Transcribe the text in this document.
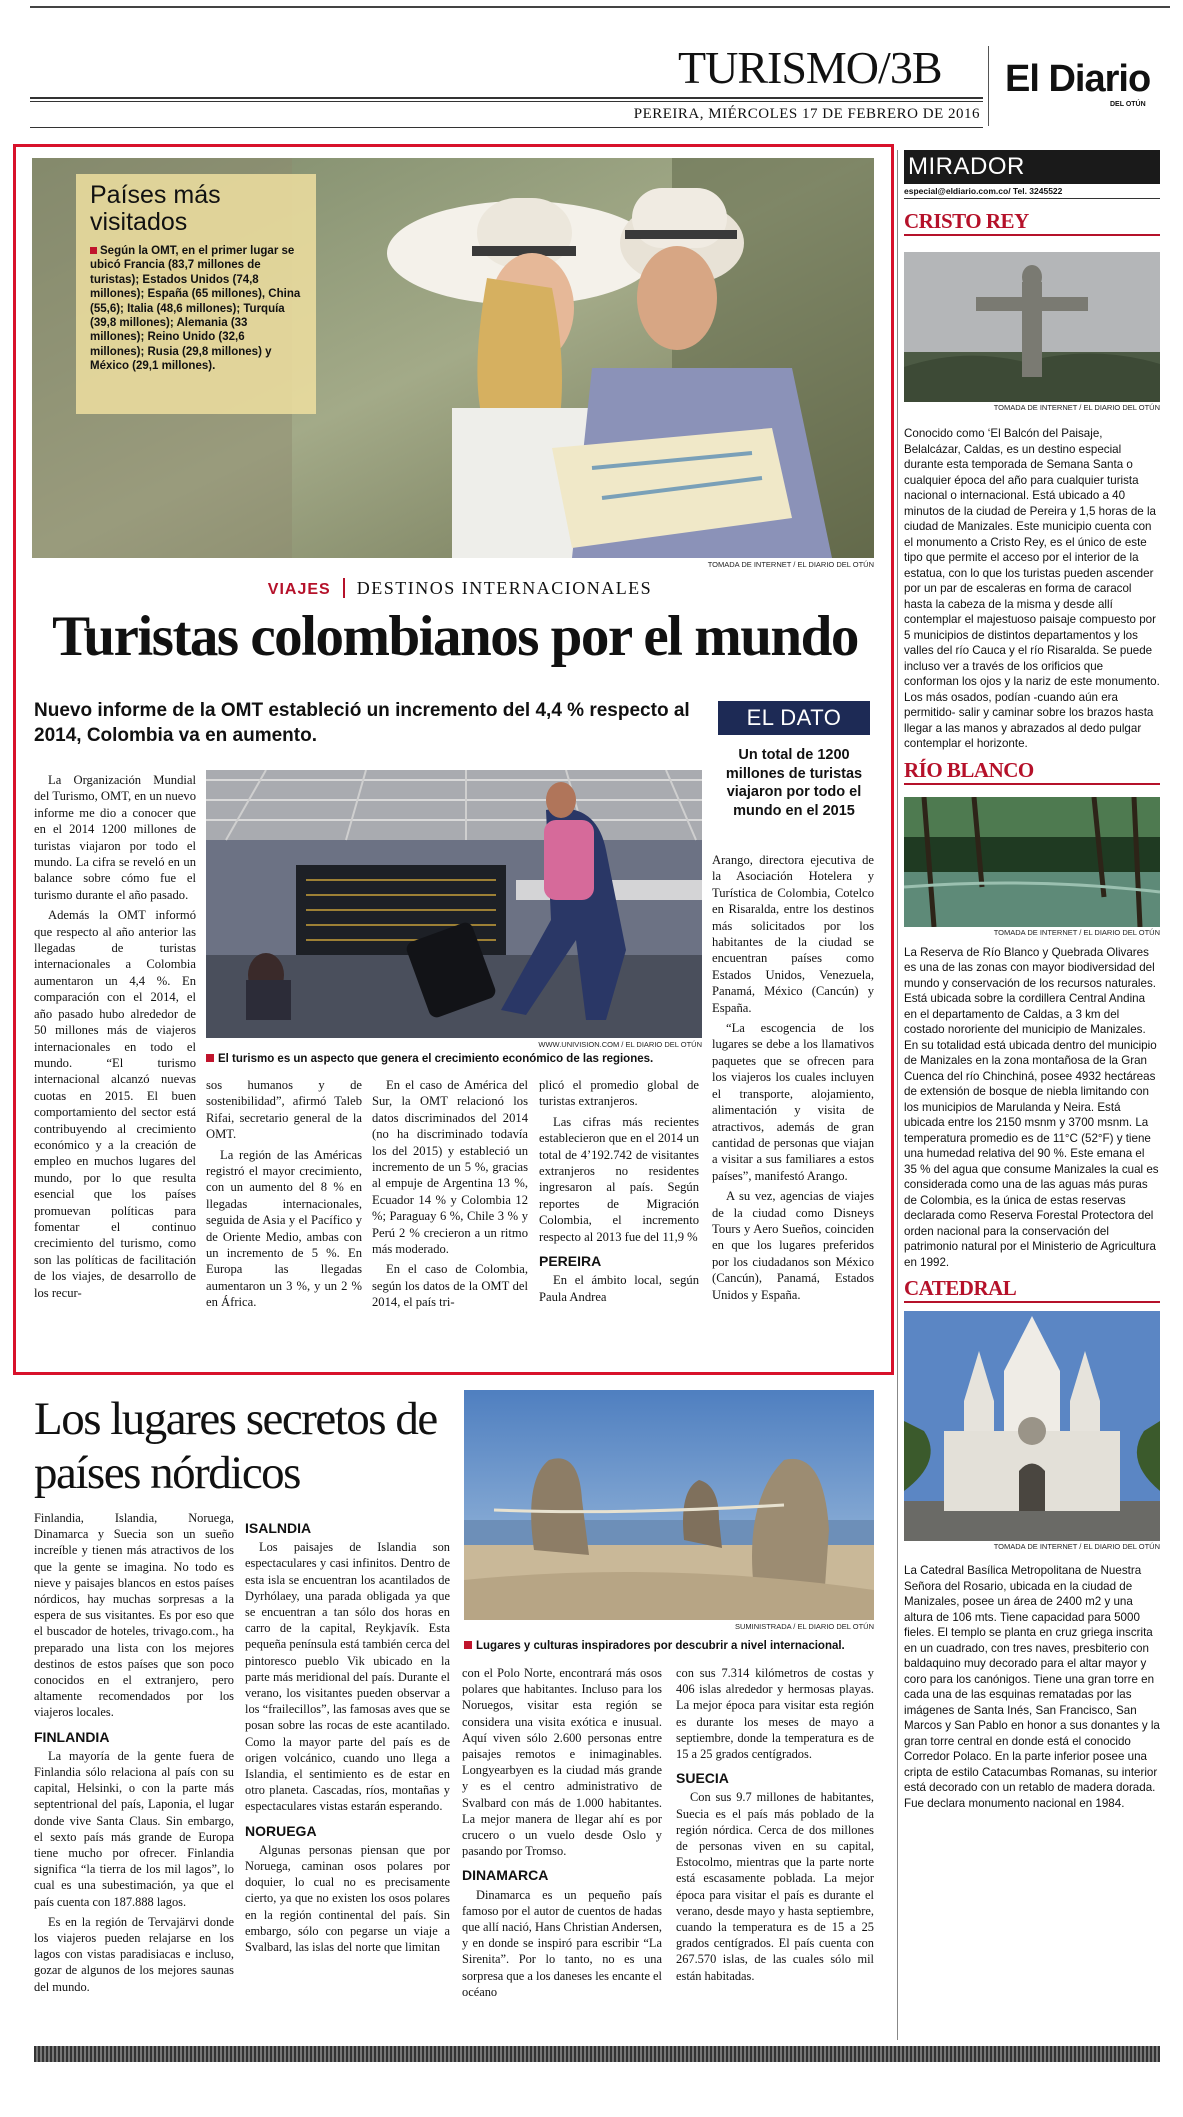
TURISMO/3B	El Diario
DEL OTÚN
PEREIRA, MIÉRCOLES 17 DE FEBRERO DE 2016
TOMADA DE INTERNET / EL DIARIO DEL OTÚN
Países más visitados
Según la OMT, en el primer lugar se ubicó Francia (83,7 millones de turistas); Estados Unidos (74,8 millones); España (65 millones), China (55,6); Italia (48,6 millones); Turquía (39,8 millones); Alemania (33 millones); Reino Unido (32,6 millones); Rusia (29,8 millones) y México (29,1 millones).
VIAJES DESTINOS INTERNACIONALES
Turistas colombianos por el mundo
Nuevo informe de la OMT estableció un incremento del 4,4 % respecto al 2014, Colombia va en aumento.
EL DATO
Un total de 1200 millones de turistas viajaron por todo el mundo en el 2015

La Organización Mundial del Turismo, OMT, en un nuevo informe me dio a conocer que en el 2014 1200 millones de turistas viajaron por todo el mundo. La cifra se reveló en un balance sobre cómo fue el turismo durante el año pasado.

Además la OMT informó que respecto al año anterior las llegadas de turistas internacionales a Colombia aumentaron un 4,4 %. En comparación con el 2014, el año pasado hubo alrededor de 50 millones más de viajeros internacionales en todo el mundo. “El turismo internacional alcanzó nuevas cuotas en 2015. El buen comportamiento del sector está contribuyendo al crecimiento económico y a la creación de empleo en muchos lugares del mundo, por lo que resulta esencial que los países promuevan políticas para fomentar el continuo crecimiento del turismo, como son las políticas de facilitación de los viajes, de desarrollo de los recur-

WWW.UNIVISION.COM / EL DIARIO DEL OTÚN
El turismo es un aspecto que genera el crecimiento económico de las regiones.

sos humanos y de sostenibilidad”, afirmó Taleb Rifai, secretario general de la OMT.

La región de las Américas registró el mayor crecimiento, con un aumento del 8 % en llegadas internacionales, seguida de Asia y el Pacífico y de Oriente Medio, ambas con un incremento de 5 %. En Europa las llegadas aumentaron un 3 %, y un 2 % en África.

En el caso de América del Sur, la OMT relacionó los datos discriminados del 2014 (no ha discriminado todavía los del 2015) y estableció un incremento de un 5 %, gracias al empuje de Argentina 13 %, Ecuador 14 % y Colombia 12 %; Paraguay 6 %, Chile 3 % y Perú 2 % crecieron a un ritmo más moderado.

En el caso de Colombia, según los datos de la OMT del 2014, el país tri-

plicó el promedio global de turistas extranjeros.

Las cifras más recientes establecieron que en el 2014 un total de 4’192.742 de visitantes extranjeros no residentes ingresaron al país. Según reportes de Migración Colombia, el incremento respecto al 2013 fue del 11,9 %

PEREIRA

En el ámbito local, según Paula Andrea

Arango, directora ejecutiva de la Asociación Hotelera y Turística de Colombia, Cotelco en Risaralda, entre los destinos más solicitados por los habitantes de la ciudad se encuentran países como Estados Unidos, Venezuela, Panamá, México (Cancún) y España.

“La escogencia de los lugares se debe a los llamativos paquetes que se ofrecen para los viajeros los cuales incluyen el transporte, alojamiento, alimentación y visita de atractivos, además de gran cantidad de personas que viajan a visitar a sus familiares a estos países”, manifestó Arango.

A su vez, agencias de viajes de la ciudad como Disneys Tours y Aero Sueños, coinciden en que los lugares preferidos por los ciudadanos son México (Cancún), Panamá, Estados Unidos y España.

Los lugares secretos de países nórdicos
SUMINISTRADA / EL DIARIO DEL OTÚN
Lugares y culturas inspiradores por descubrir a nivel internacional.

Finlandia, Islandia, Noruega, Dinamarca y Suecia son un sueño increíble y tienen más atractivos de los que la gente se imagina. No todo es nieve y paisajes blancos en estos países nórdicos, hay muchas sorpresas a la espera de sus visitantes. Es por eso que el buscador de hoteles, trivago.com., ha preparado una lista con los mejores destinos de estos países que son poco conocidos en el extranjero, pero altamente recomendados por los viajeros locales.

FINLANDIA

La mayoría de la gente fuera de Finlandia sólo relaciona al país con su capital, Helsinki, o con la parte más septentrional del país, Laponia, el lugar donde vive Santa Claus. Sin embargo, el sexto país más grande de Europa tiene mucho por ofrecer. Finlandia significa “la tierra de los mil lagos”, lo cual es una subestimación, ya que el país cuenta con 187.888 lagos.

Es en la región de Tervajärvi donde los viajeros pueden relajarse en los lagos con vistas paradisiacas e incluso, gozar de algunos de los mejores saunas del mundo.

ISALNDIA

Los paisajes de Islandia son espectaculares y casi infinitos. Dentro de esta isla se encuentran los acantilados de Dyrhólaey, una parada obligada ya que se encuentran a tan sólo dos horas en carro de la capital, Reykjavík. Esta pequeña península está también cerca del pintoresco pueblo Vik ubicado en la parte más meridional del país. Durante el verano, los visitantes pueden observar a los “frailecillos”, las famosas aves que se posan sobre las rocas de este acantilado. Como la mayor parte del país es de origen volcánico, cuando uno llega a Islandia, el sentimiento es de estar en otro planeta. Cascadas, ríos, montañas y espectaculares vistas estarán esperando.

NORUEGA

Algunas personas piensan que por Noruega, caminan osos polares por doquier, lo cual no es precisamente cierto, ya que no existen los osos polares en la región continental del país. Sin embargo, sólo con pegarse un viaje a Svalbard, las islas del norte que limitan

con el Polo Norte, encontrará más osos polares que habitantes. Incluso para los Noruegos, visitar esta región se considera una visita exótica e inusual. Aquí viven sólo 2.600 personas entre paisajes remotos e inimaginables. Longyearbyen es la ciudad más grande y es el centro administrativo de Svalbard con más de 1.000 habitantes. La mejor manera de llegar ahí es por crucero o un vuelo desde Oslo y pasando por Tromso.

DINAMARCA

Dinamarca es un pequeño país famoso por el autor de cuentos de hadas que allí nació, Hans Christian Andersen, y en donde se inspiró para escribir “La Sirenita”. Por lo tanto, no es una sorpresa que a los daneses les encante el océano

con sus 7.314 kilómetros de costas y 406 islas alrededor y hermosas playas. La mejor época para visitar esta región es durante los meses de mayo a septiembre, donde la temperatura es de 15 a 25 grados centígrados.

SUECIA

Con sus 9.7 millones de habitantes, Suecia es el país más poblado de la región nórdica. Cerca de dos millones de personas viven en su capital, Estocolmo, mientras que la parte norte está escasamente poblada. La mejor época para visitar el país es durante el verano, desde mayo y hasta septiembre, cuando la temperatura es de 15 a 25 grados centígrados. El país cuenta con 267.570 islas, de las cuales sólo mil están habitadas.

MIRADOR
especial@eldiario.com.co/ Tel. 3245522
CRISTO REY
TOMADA DE INTERNET / EL DIARIO DEL OTÚN
Conocido como ‘El Balcón del Paisaje, Belalcázar, Caldas, es un destino especial durante esta temporada de Semana Santa o cualquier época del año para cualquier turista nacional o internacional. Está ubicado a 40 minutos de la ciudad de Pereira y 1,5 horas de la ciudad de Manizales. Este municipio cuenta con el monumento a Cristo Rey, es el único de este tipo que permite el acceso por el interior de la estatua, con lo que los turistas pueden ascender por un par de escaleras en forma de caracol hasta la cabeza de la misma y desde allí contemplar el majestuoso paisaje compuesto por 5 municipios de distintos departamentos y los valles del río Cauca y el río Risaralda. Se puede incluso ver a través de los orificios que conforman los ojos y la nariz de este monumento. Los más osados, podían -cuando aún era permitido- salir y caminar sobre los brazos hasta llegar a las manos y abrazados al dedo pulgar contemplar el horizonte.
RÍO BLANCO
TOMADA DE INTERNET / EL DIARIO DEL OTÚN
La Reserva de Río Blanco y Quebrada Olivares es una de las zonas con mayor biodiversidad del mundo y conservación de los recursos naturales. Está ubicada sobre la cordillera Central Andina en el departamento de Caldas, a 3 km del costado nororiente del municipio de Manizales. En su totalidad está ubicada dentro del municipio de Manizales en la zona montañosa de la Gran Cuenca del río Chinchiná, posee 4932 hectáreas de extensión de bosque de niebla limitando con los municipios de Marulanda y Neira. Está ubicada entre los 2150 msnm y 3700 msnm. La temperatura promedio es de 11°C (52°F) y tiene una humedad relativa del 90 %. Este emana el 35 % del agua que consume Manizales la cual es considerada como una de las aguas más puras de Colombia, es la única de estas reservas declarada como Reserva Forestal Protectora del orden nacional para la conservación del patrimonio natural por el Ministerio de Agricultura en 1992.
CATEDRAL
TOMADA DE INTERNET / EL DIARIO DEL OTÚN
La Catedral Basílica Metropolitana de Nuestra Señora del Rosario, ubicada en la ciudad de Manizales, posee un área de 2400 m2 y una altura de 106 mts. Tiene capacidad para 5000 fieles. El templo se planta en cruz griega inscrita en un cuadrado, con tres naves, presbiterio con baldaquino muy decorado para el altar mayor y coro para los canónigos. Tiene una gran torre en cada una de las esquinas rematadas por las imágenes de Santa Inés, San Francisco, San Marcos y San Pablo en honor a sus donantes y la gran torre central en donde está el conocido Corredor Polaco. En la parte inferior posee una cripta de estilo Catacumbas Romanas, su interior está decorado con un retablo de madera dorada. Fue declara monumento nacional en 1984.
